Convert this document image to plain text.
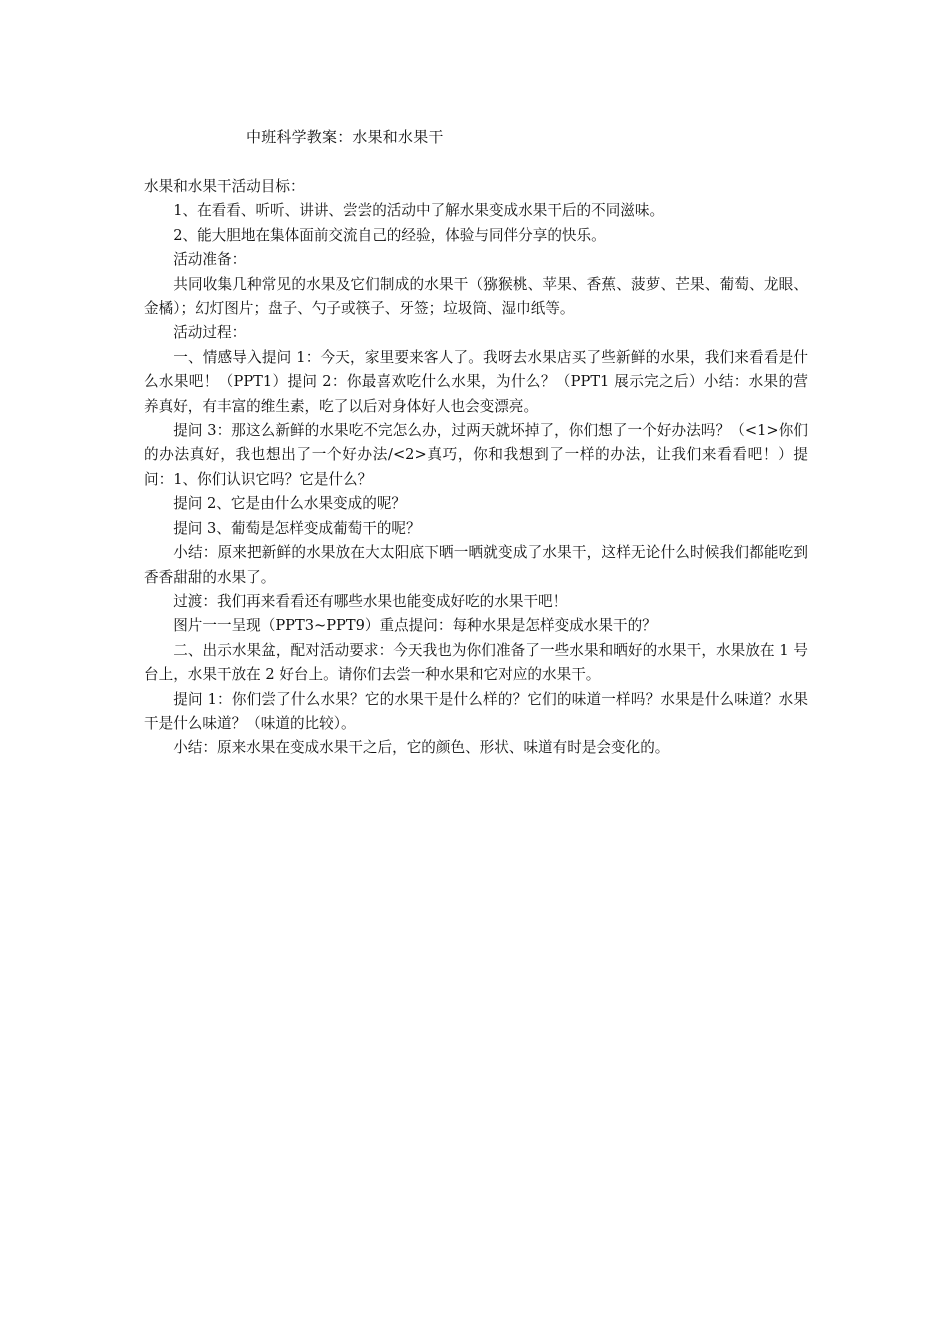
中班科学教案：水果和水果干

水果和水果干活动目标：

1、在看看、听听、讲讲、尝尝的活动中了解水果变成水果干后的不同滋味。

2、能大胆地在集体面前交流自己的经验，体验与同伴分享的快乐。

活动准备：

共同收集几种常见的水果及它们制成的水果干（猕猴桃、苹果、香蕉、菠萝、芒果、葡萄、龙眼、金橘）；幻灯图片；盘子、勺子或筷子、牙签；垃圾筒、湿巾纸等。

活动过程：

一、情感导入提问 1：今天，家里要来客人了。我呀去水果店买了些新鲜的水果，我们来看看是什么水果吧！（PPT1）提问 2：你最喜欢吃什么水果，为什么？（PPT1 展示完之后）小结：水果的营养真好，有丰富的维生素，吃了以后对身体好人也会变漂亮。

提问 3：那这么新鲜的水果吃不完怎么办，过两天就坏掉了，你们想了一个好办法吗？（<1>你们的办法真好，我也想出了一个好办法/<2>真巧，你和我想到了一样的办法，让我们来看看吧！）提问：1、你们认识它吗？它是什么？

提问 2、它是由什么水果变成的呢？

提问 3、葡萄是怎样变成葡萄干的呢？

小结：原来把新鲜的水果放在大太阳底下晒一晒就变成了水果干，这样无论什么时候我们都能吃到香香甜甜的水果了。

过渡：我们再来看看还有哪些水果也能变成好吃的水果干吧！

图片一一呈现（PPT3~PPT9）重点提问：每种水果是怎样变成水果干的？

二、出示水果盆，配对活动要求：今天我也为你们准备了一些水果和晒好的水果干，水果放在 1 号台上，水果干放在 2 好台上。请你们去尝一种水果和它对应的水果干。

提问 1：你们尝了什么水果？它的水果干是什么样的？它们的味道一样吗？水果是什么味道？水果干是什么味道？（味道的比较）。

小结：原来水果在变成水果干之后，它的颜色、形状、味道有时是会变化的。
